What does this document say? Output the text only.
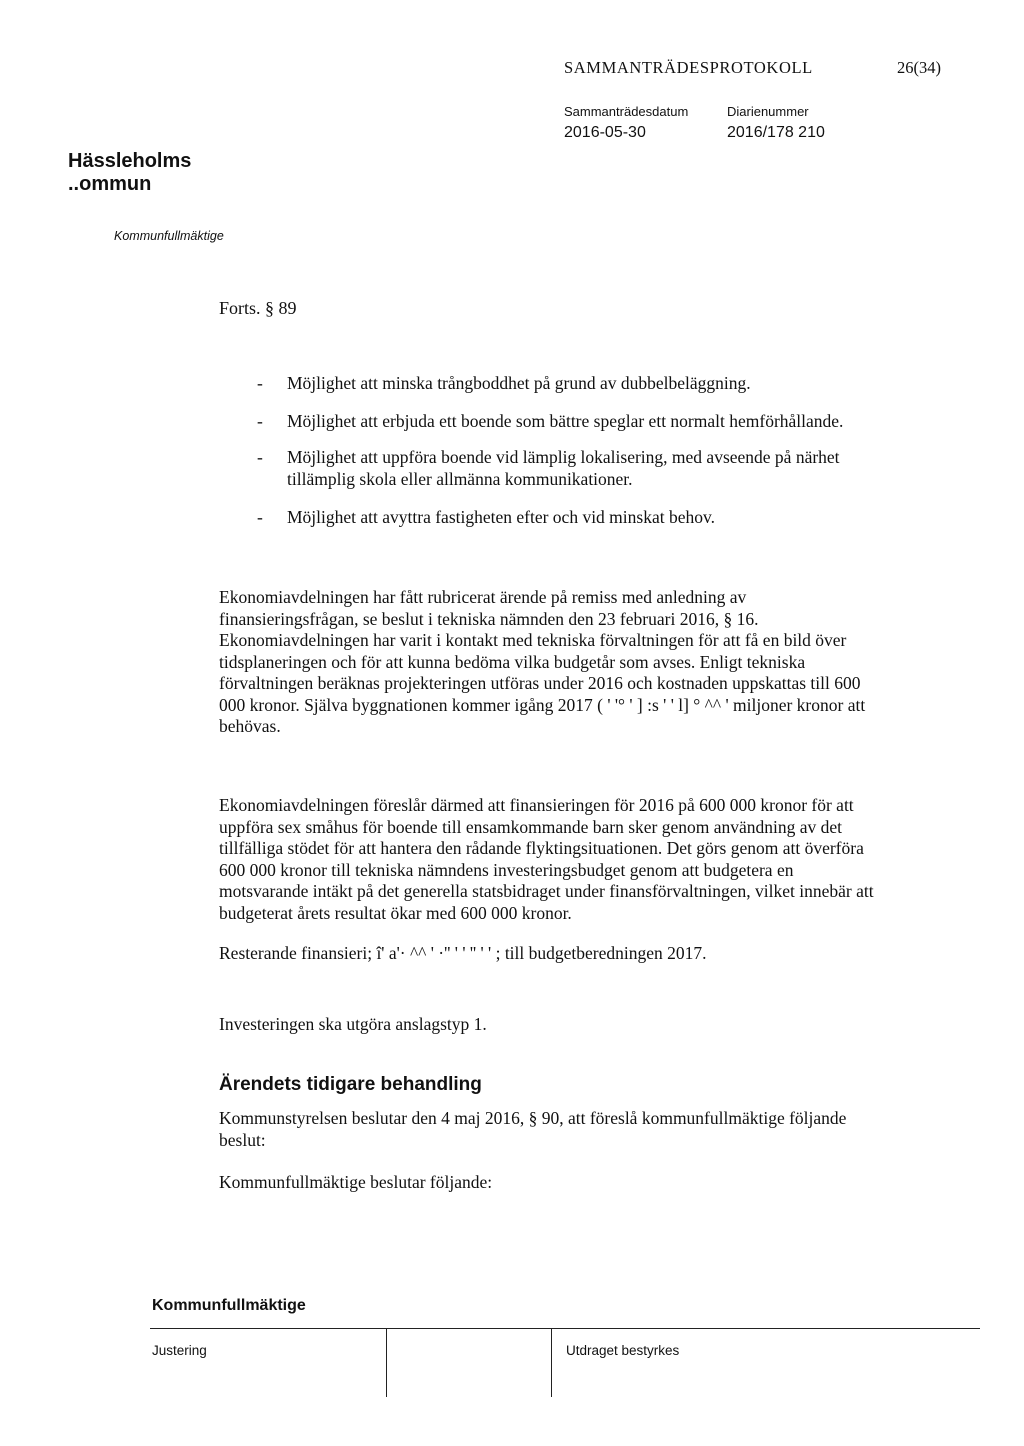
SAMMANTRÄDESPROTOKOLL	26(34)
Sammanträdesdatum	Diarienummer
2016-05-30	2016/178 210
Hässleholms
..ommun
Kommunfullmäktige
Forts. § 89
- Möjlighet att minska trångboddhet på grund av dubbelbeläggning.
- Möjlighet att erbjuda ett boende som bättre speglar ett normalt hemförhållande.
- Möjlighet att uppföra boende vid lämplig lokalisering, med avseende på närhet tillämplig skola eller allmänna kommunikationer.
- Möjlighet att avyttra fastigheten efter och vid minskat behov.

Ekonomiavdelningen har fått rubricerat ärende på remiss med anledning av finansieringsfrågan, se beslut i tekniska nämnden den 23 februari 2016, § 16. Ekonomiavdelningen har varit i kontakt med tekniska förvaltningen för att få en bild över tidsplaneringen och för att kunna bedöma vilka budgetår som avses. Enligt tekniska förvaltningen beräknas projekteringen utföras under 2016 och kostnaden uppskattas till 600 000 kronor. Själva byggnationen kommer igång 2017 ( ' '° ' ] :s ' ' l] ° ^^ ' miljoner kronor att behövas.

Ekonomiavdelningen föreslår därmed att finansieringen för 2016 på 600 000 kronor för att uppföra sex småhus för boende till ensamkommande barn sker genom användning av det tillfälliga stödet för att hantera den rådande flyktingsituationen. Det görs genom att överföra 600 000 kronor till tekniska nämndens investeringsbudget genom att budgetera en motsvarande intäkt på det generella statsbidraget under finansförvaltningen, vilket innebär att budgeterat årets resultat ökar med 600 000 kronor.

Resterande finansieri; î' a'· ^^ ' ·'' ' ' '' ' ' ; till budgetberedningen 2017.

Investeringen ska utgöra anslagstyp 1.

Ärendets tidigare behandling

Kommunstyrelsen beslutar den 4 maj 2016, § 90, att föreslå kommunfullmäktige följande beslut:

Kommunfullmäktige beslutar följande:

Kommunfullmäktige
Justering	Utdraget bestyrkes
